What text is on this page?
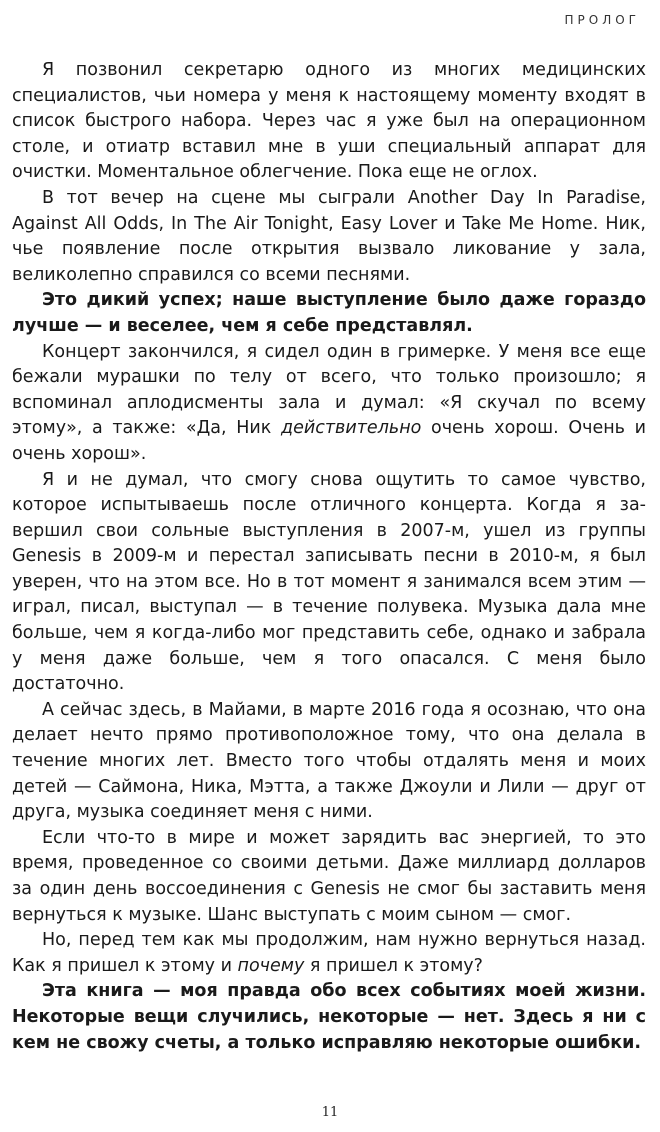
ПРОЛОГ

Я позвонил секретарю одного из многих медицинских специалистов, чьи номера у меня к настоящему моменту входят в список быстрого набора. Через час я уже был на операционном столе, и отиатр вставил мне в уши специальный аппарат для очистки. Моментальное облегчение. Пока еще не оглох.

В тот вечер на сцене мы сыграли Another Day In Paradise, Against All Odds, In The Air Tonight, Easy Lover и Take Me Home. Ник, чье появление после открытия вызвало ликование у зала, великолепно справился со всеми песнями.

Это дикий успех; наше выступление было даже гораздо лучше — и веселее, чем я себе представлял.

Концерт закончился, я сидел один в гримерке. У меня все еще бежали мурашки по телу от всего, что только произошло; я вспоминал аплодисменты зала и думал: «Я скучал по всему этому», а также: «Да, Ник действительно очень хорош. Очень и очень хорош».

Я и не думал, что смогу снова ощутить то самое чувство, которое испытываешь после отличного концерта. Когда я завершил свои сольные выступления в 2007-м, ушел из группы Genesis в 2009-м и перестал записывать песни в 2010-м, я был уверен, что на этом все. Но в тот момент я занимался всем этим — играл, писал, выступал — в течение полувека. Музыка дала мне больше, чем я когда-либо мог представить себе, однако и забрала у меня даже больше, чем я того опасался. С меня было достаточно.

А сейчас здесь, в Майами, в марте 2016 года я осознаю, что она делает нечто прямо противоположное тому, что она делала в течение многих лет. Вместо того чтобы отдалять меня и моих детей — Саймона, Ника, Мэтта, а также Джоули и Лили — друг от друга, музыка соединяет меня с ними.

Если что-то в мире и может зарядить вас энергией, то это время, проведенное со своими детьми. Даже миллиард долларов за один день воссоединения с Genesis не смог бы заставить меня вернуться к музыке. Шанс выступать с моим сыном — смог.

Но, перед тем как мы продолжим, нам нужно вернуться назад. Как я пришел к этому и почему я пришел к этому?

Эта книга — моя правда обо всех событиях моей жизни. Некоторые вещи случились, некоторые — нет. Здесь я ни с кем не свожу счеты, а только исправляю некоторые ошибки.

11
